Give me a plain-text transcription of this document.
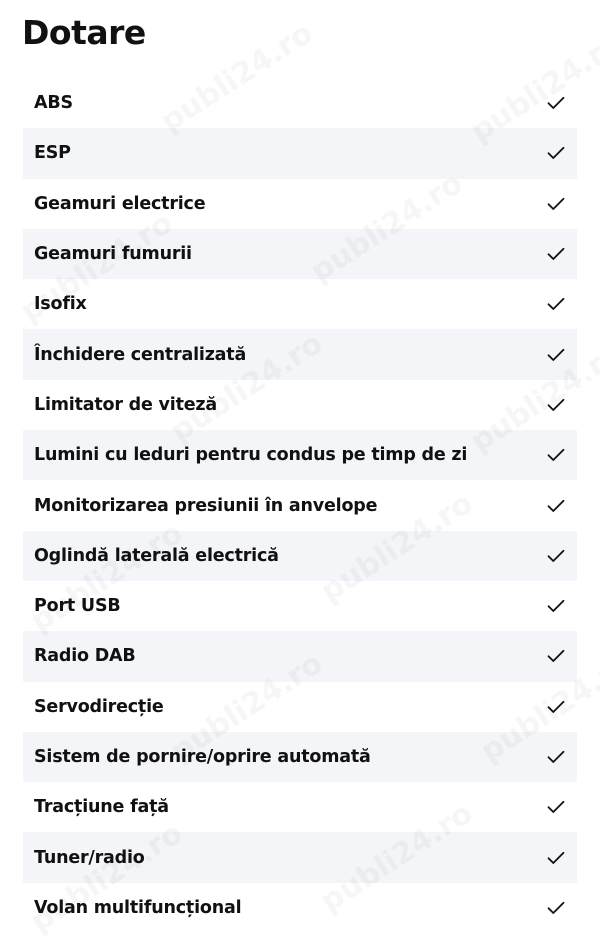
Dotare
ABS
ESP
Geamuri electrice
Geamuri fumurii
Isofix
Închidere centralizată
Limitator de viteză
Lumini cu leduri pentru condus pe timp de zi
Monitorizarea presiunii în anvelope
Oglindă laterală electrică
Port USB
Radio DAB
Servodirecție
Sistem de pornire/oprire automată
Tracțiune față
Tuner/radio
Volan multifuncțional
